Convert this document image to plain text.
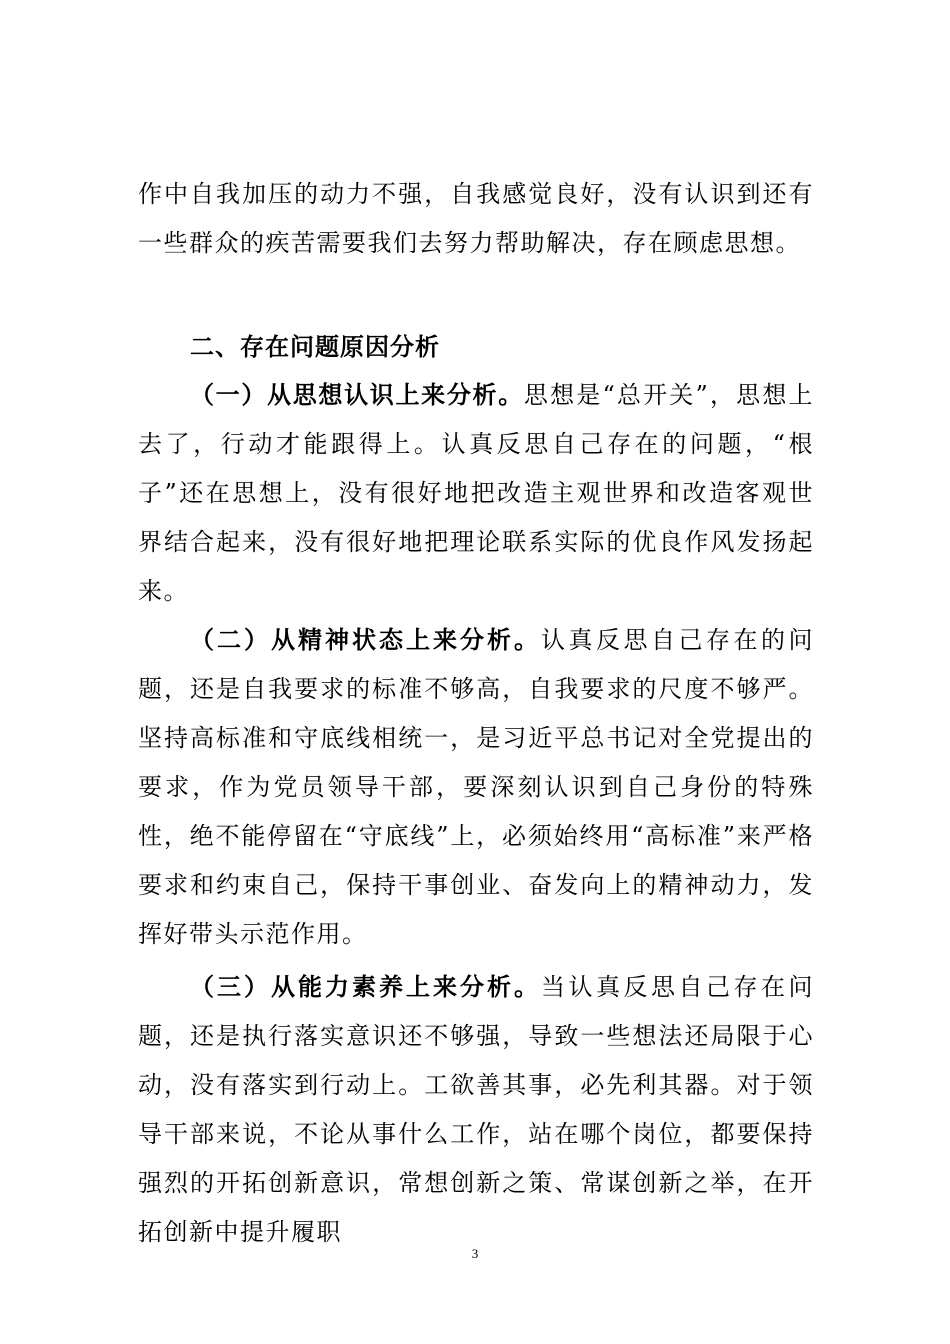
作中自我加压的动力不强，自我感觉良好，没有认识到还有一些群众的疾苦需要我们去努力帮助解决，存在顾虑思想。

二、存在问题原因分析

（一）从思想认识上来分析。思想是“总开关”，思想上去了，行动才能跟得上。认真反思自己存在的问题，“根子”还在思想上，没有很好地把改造主观世界和改造客观世界结合起来，没有很好地把理论联系实际的优良作风发扬起来。

（二）从精神状态上来分析。认真反思自己存在的问题，还是自我要求的标准不够高，自我要求的尺度不够严。坚持高标准和守底线相统一，是习近平总书记对全党提出的要求，作为党员领导干部，要深刻认识到自己身份的特殊性，绝不能停留在“守底线”上，必须始终用“高标准”来严格要求和约束自己，保持干事创业、奋发向上的精神动力，发挥好带头示范作用。

（三）从能力素养上来分析。当认真反思自己存在问题，还是执行落实意识还不够强，导致一些想法还局限于心动，没有落实到行动上。工欲善其事，必先利其器。对于领导干部来说，不论从事什么工作，站在哪个岗位，都要保持强烈的开拓创新意识，常想创新之策、常谋创新之举，在开拓创新中提升履职

3
